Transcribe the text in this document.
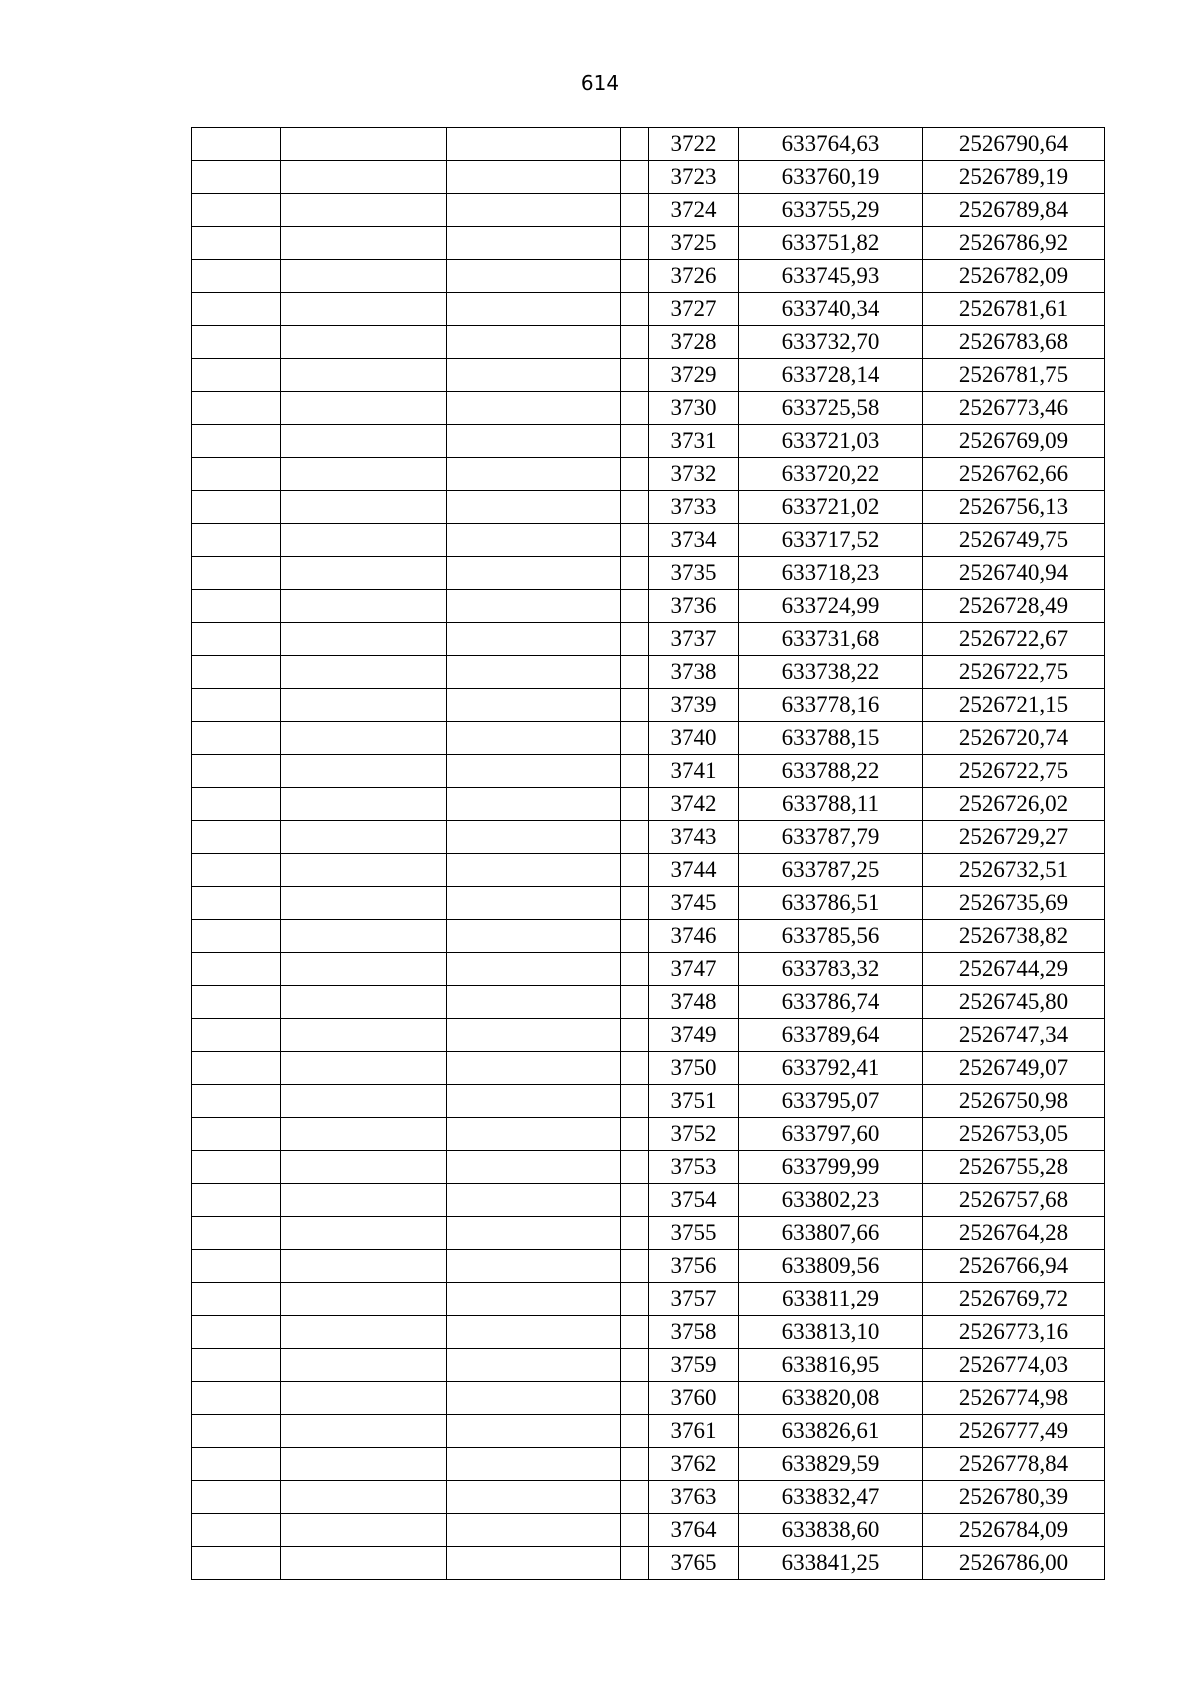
614
				3722	633764,63	2526790,64
				3723	633760,19	2526789,19
				3724	633755,29	2526789,84
				3725	633751,82	2526786,92
				3726	633745,93	2526782,09
				3727	633740,34	2526781,61
				3728	633732,70	2526783,68
				3729	633728,14	2526781,75
				3730	633725,58	2526773,46
				3731	633721,03	2526769,09
				3732	633720,22	2526762,66
				3733	633721,02	2526756,13
				3734	633717,52	2526749,75
				3735	633718,23	2526740,94
				3736	633724,99	2526728,49
				3737	633731,68	2526722,67
				3738	633738,22	2526722,75
				3739	633778,16	2526721,15
				3740	633788,15	2526720,74
				3741	633788,22	2526722,75
				3742	633788,11	2526726,02
				3743	633787,79	2526729,27
				3744	633787,25	2526732,51
				3745	633786,51	2526735,69
				3746	633785,56	2526738,82
				3747	633783,32	2526744,29
				3748	633786,74	2526745,80
				3749	633789,64	2526747,34
				3750	633792,41	2526749,07
				3751	633795,07	2526750,98
				3752	633797,60	2526753,05
				3753	633799,99	2526755,28
				3754	633802,23	2526757,68
				3755	633807,66	2526764,28
				3756	633809,56	2526766,94
				3757	633811,29	2526769,72
				3758	633813,10	2526773,16
				3759	633816,95	2526774,03
				3760	633820,08	2526774,98
				3761	633826,61	2526777,49
				3762	633829,59	2526778,84
				3763	633832,47	2526780,39
				3764	633838,60	2526784,09
				3765	633841,25	2526786,00
